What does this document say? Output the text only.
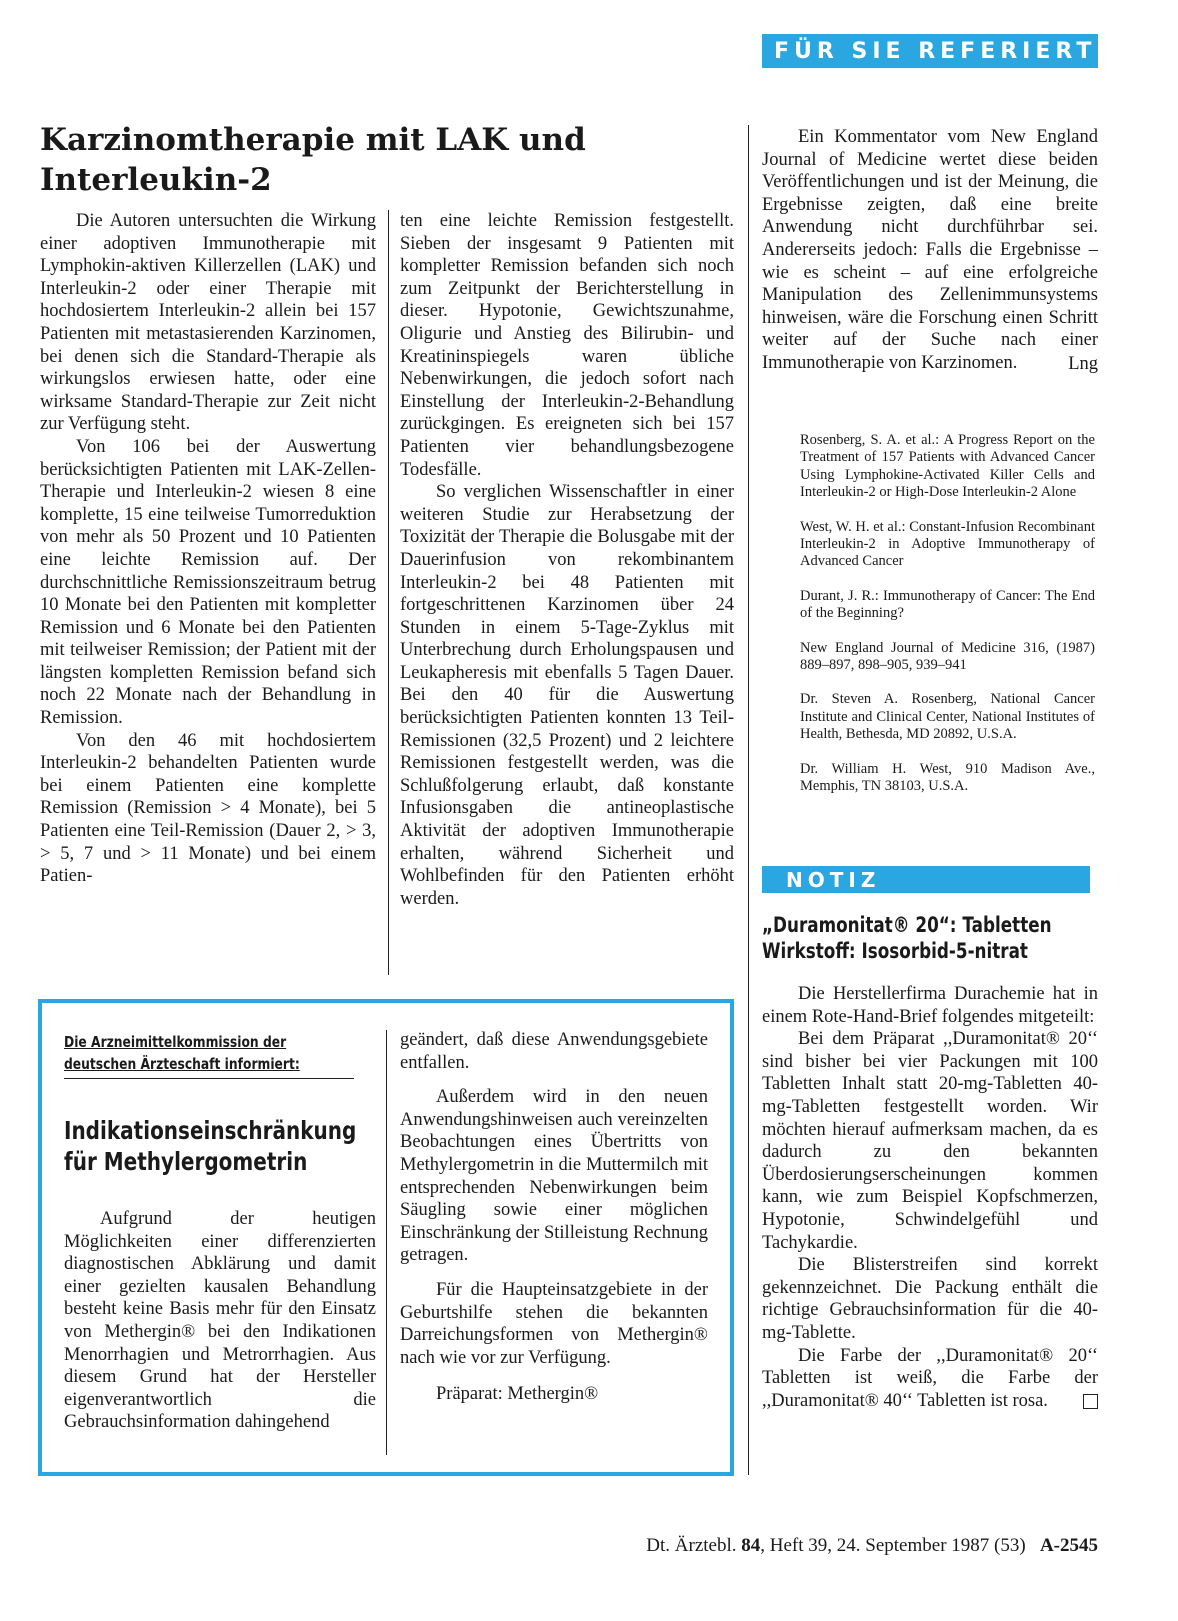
FÜR SIE REFERIERT
Karzinomtherapie mit LAK und
Interleukin-2

Die Autoren untersuchten die Wirkung einer adoptiven Immunotherapie mit Lymphokin-aktiven Killerzellen (LAK) und Interleukin-2 oder einer Therapie mit hochdosiertem Interleukin-2 allein bei 157 Patienten mit metastasierenden Karzinomen, bei denen sich die Standard-Therapie als wirkungslos erwiesen hatte, oder eine wirksame Standard-Therapie zur Zeit nicht zur Verfügung steht.

Von 106 bei der Auswertung berücksichtigten Patienten mit LAK-Zellen-Therapie und Interleukin-2 wiesen 8 eine komplette, 15 eine teilweise Tumorreduktion von mehr als 50 Prozent und 10 Patienten eine leichte Remission auf. Der durchschnittliche Remissionszeitraum betrug 10 Monate bei den Patienten mit kompletter Remission und 6 Monate bei den Patienten mit teilweiser Remission; der Patient mit der längsten kompletten Remission befand sich noch 22 Monate nach der Behandlung in Remission.

Von den 46 mit hochdosiertem Interleukin-2 behandelten Patienten wurde bei einem Patienten eine komplette Remission (Remission > 4 Monate), bei 5 Patienten eine Teil-Remission (Dauer 2, > 3, > 5, 7 und > 11 Monate) und bei einem Patien-

ten eine leichte Remission festgestellt. Sieben der insgesamt 9 Patienten mit kompletter Remission befanden sich noch zum Zeitpunkt der Berichterstellung in dieser. Hypotonie, Gewichtszunahme, Oligurie und Anstieg des Bilirubin- und Kreatininspiegels waren übliche Nebenwirkungen, die jedoch sofort nach Einstellung der Interleukin-2-Behandlung zurückgingen. Es ereigneten sich bei 157 Patienten vier behandlungsbezogene Todesfälle.

So verglichen Wissenschaftler in einer weiteren Studie zur Herabsetzung der Toxizität der Therapie die Bolusgabe mit der Dauerinfusion von rekombinantem Interleukin-2 bei 48 Patienten mit fortgeschrittenen Karzinomen über 24 Stunden in einem 5-Tage-Zyklus mit Unterbrechung durch Erholungspausen und Leukapheresis mit ebenfalls 5 Tagen Dauer. Bei den 40 für die Auswertung berücksichtigten Patienten konnten 13 Teil-Remissionen (32,5 Prozent) und 2 leichtere Remissionen festgestellt werden, was die Schlußfolgerung erlaubt, daß konstante Infusionsgaben die antineoplastische Aktivität der adoptiven Immunotherapie erhalten, während Sicherheit und Wohlbefinden für den Patienten erhöht werden.

Ein Kommentator vom New England Journal of Medicine wertet diese beiden Veröffentlichungen und ist der Meinung, die Ergebnisse zeigten, daß eine breite Anwendung nicht durchführbar sei. Andererseits jedoch: Falls die Ergebnisse – wie es scheint – auf eine erfolgreiche Manipulation des Zellenimmunsystems hinweisen, wäre die Forschung einen Schritt weiter auf der Suche nach einer Immunotherapie von Karzinomen.	Lng

Rosenberg, S. A. et al.: A Progress Report on the Treatment of 157 Patients with Advanced Cancer Using Lymphokine-Activated Killer Cells and Interleukin-2 or High-Dose Interleukin-2 Alone

West, W. H. et al.: Constant-Infusion Recombinant Interleukin-2 in Adoptive Immunotherapy of Advanced Cancer

Durant, J. R.: Immunotherapy of Cancer: The End of the Beginning?

New England Journal of Medicine 316, (1987) 889–897, 898–905, 939–941

Dr. Steven A. Rosenberg, National Cancer Institute and Clinical Center, National Institutes of Health, Bethesda, MD 20892, U.S.A.

Dr. William H. West, 910 Madison Ave., Memphis, TN 38103, U.S.A.

NOTIZ
„Duramonitat® 20“: Tabletten
Wirkstoff: Isosorbid-5-nitrat

Die Herstellerfirma Durachemie hat in einem Rote-Hand-Brief folgendes mitgeteilt:

Bei dem Präparat ,,Duramonitat® 20‘‘ sind bisher bei vier Packungen mit 100 Tabletten Inhalt statt 20-mg-Tabletten 40-mg-Tabletten festgestellt worden. Wir möchten hierauf aufmerksam machen, da es dadurch zu den bekannten Überdosierungserscheinungen kommen kann, wie zum Beispiel Kopfschmerzen, Hypotonie, Schwindelgefühl und Tachykardie.

Die Blisterstreifen sind korrekt gekennzeichnet. Die Packung enthält die richtige Gebrauchsinformation für die 40-mg-Tablette.

Die Farbe der ,,Duramonitat® 20‘‘ Tabletten ist weiß, die Farbe der ,,Duramonitat® 40‘‘ Tabletten ist rosa.

Die Arzneimittelkommission der
deutschen Ärzteschaft informiert:
Indikationseinschränkung
für Methylergometrin

Aufgrund der heutigen Möglichkeiten einer differenzierten diagnostischen Abklärung und damit einer gezielten kausalen Behandlung besteht keine Basis mehr für den Einsatz von Methergin® bei den Indikationen Menorrhagien und Metrorrhagien. Aus diesem Grund hat der Hersteller eigenverantwortlich die Gebrauchsinformation dahingehend

geändert, daß diese Anwendungsgebiete entfallen.

Außerdem wird in den neuen Anwendungshinweisen auch vereinzelten Beobachtungen eines Übertritts von Methylergometrin in die Muttermilch mit entsprechenden Nebenwirkungen beim Säugling sowie einer möglichen Einschränkung der Stilleistung Rechnung getragen.

Für die Haupteinsatzgebiete in der Geburtshilfe stehen die bekannten Darreichungsformen von Methergin® nach wie vor zur Verfügung.

Präparat: Methergin®

Dt. Ärztebl. 84, Heft 39, 24. September 1987 (53) A-2545
